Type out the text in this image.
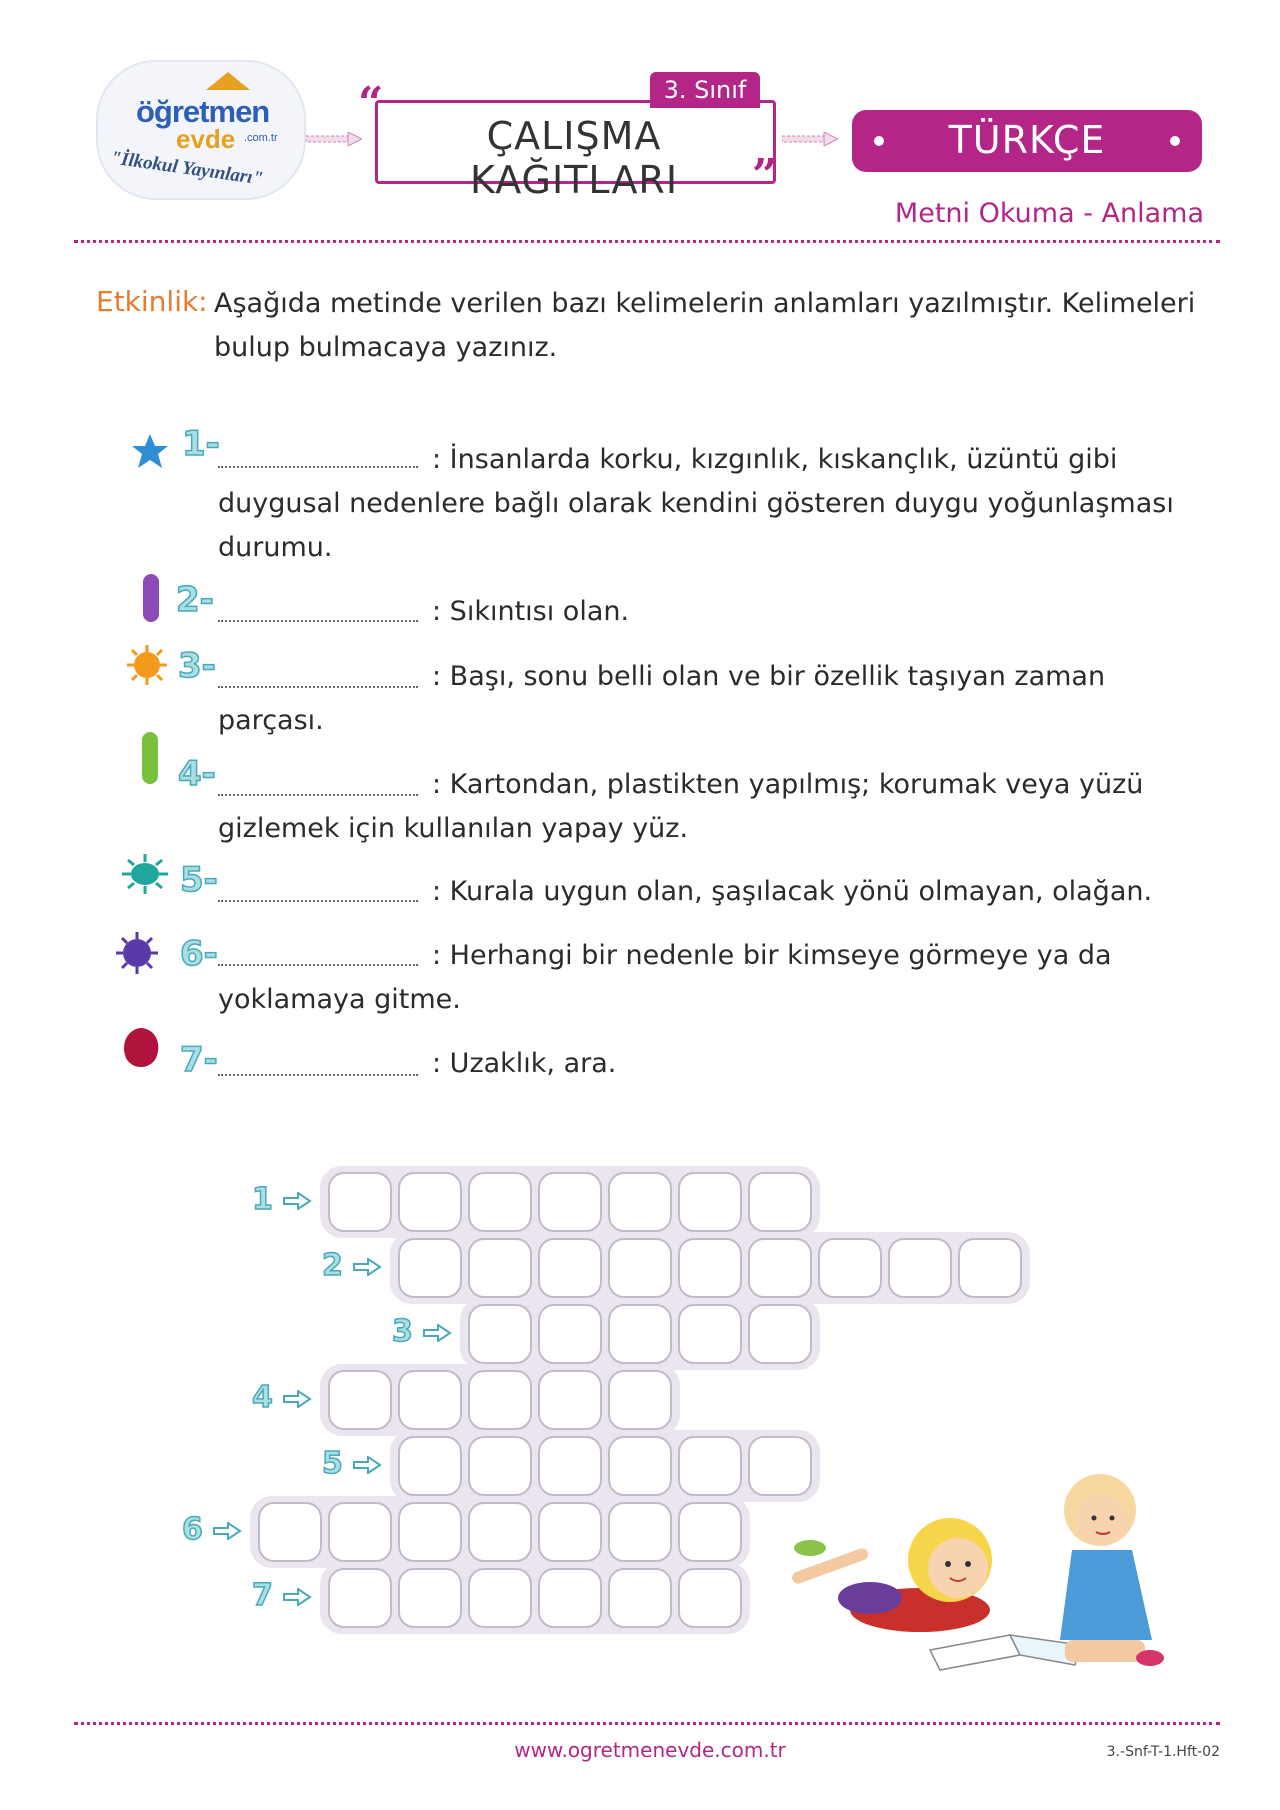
öğretmen
evde .com.tr
"İlkokul Yayınları"
“	3. Sınıf
ÇALIŞMA KAĞITLARI	”
TÜRKÇE
Metni Okuma - Anlama
Etkinlik: Aşağıda metinde verilen bazı kelimelerin anlamları yazılmıştır. Kelimeleri bulup bulmacaya yazınız.
1-	: İnsanlarda korku, kızgınlık, kıskançlık, üzüntü gibi
duygusal nedenlere bağlı olarak kendini gösteren duygu yoğunlaşması
durumu.
2-	: Sıkıntısı olan.
3-	: Başı, sonu belli olan ve bir özellik taşıyan zaman
parçası.
4-	: Kartondan, plastikten yapılmış; korumak veya yüzü
gizlemek için kullanılan yapay yüz.
5-	: Kurala uygun olan, şaşılacak yönü olmayan, olağan.
6-	: Herhangi bir nedenle bir kimseye görmeye ya da
yoklamaya gitme.
7-	: Uzaklık, ara.
1
2
3
4
5
6
7
www.ogretmenevde.com.tr	3.-Snf-T-1.Hft-02
